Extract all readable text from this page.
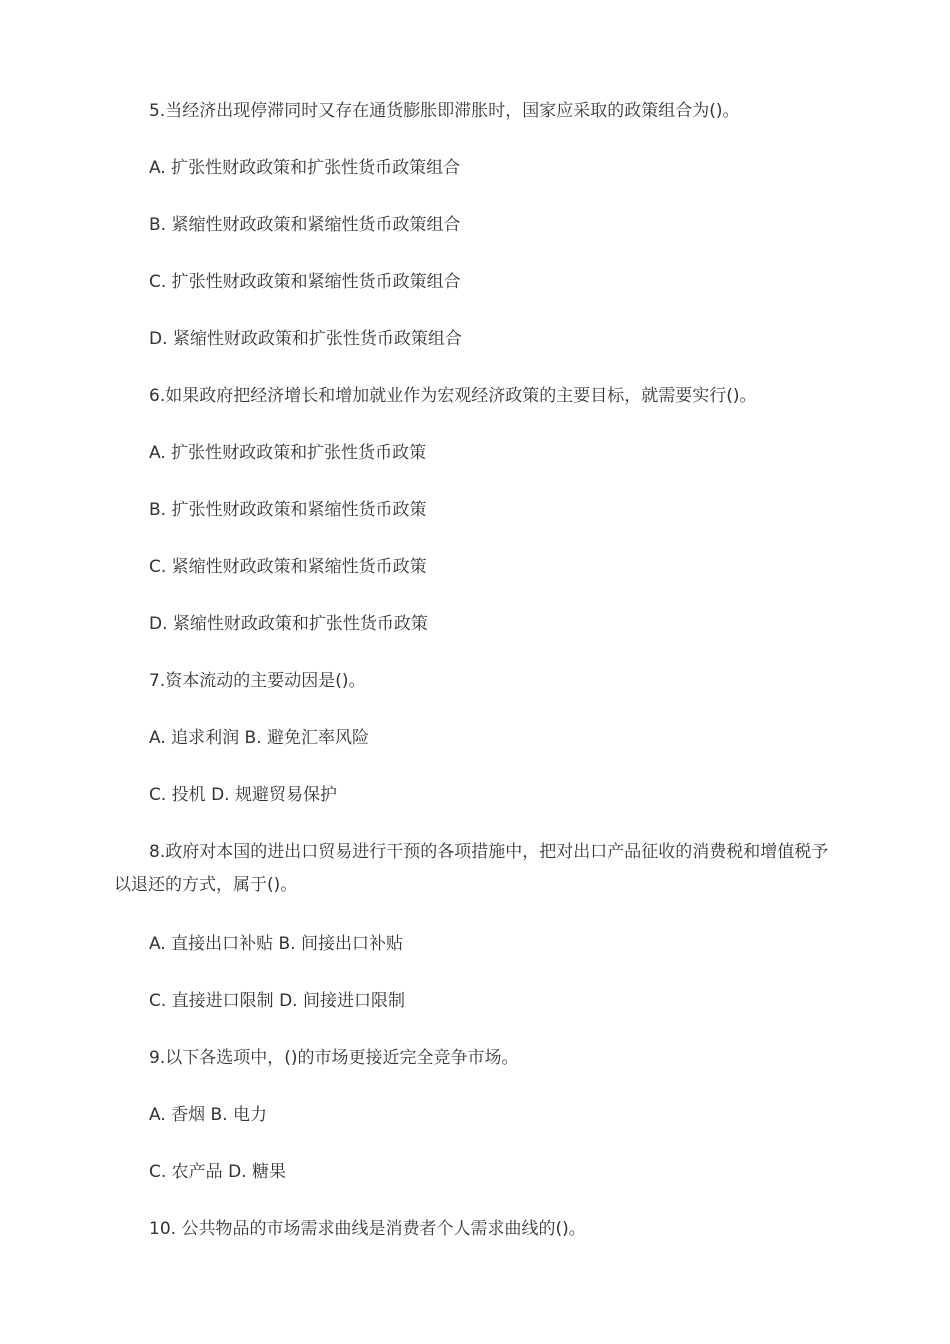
5.当经济出现停滞同时又存在通货膨胀即滞胀时，国家应采取的政策组合为()。

A. 扩张性财政政策和扩张性货币政策组合

B. 紧缩性财政政策和紧缩性货币政策组合

C. 扩张性财政政策和紧缩性货币政策组合

D. 紧缩性财政政策和扩张性货币政策组合

6.如果政府把经济增长和增加就业作为宏观经济政策的主要目标，就需要实行()。

A. 扩张性财政政策和扩张性货币政策

B. 扩张性财政政策和紧缩性货币政策

C. 紧缩性财政政策和紧缩性货币政策

D. 紧缩性财政政策和扩张性货币政策

7.资本流动的主要动因是()。

A. 追求利润 B. 避免汇率风险

C. 投机 D. 规避贸易保护

8.政府对本国的进出口贸易进行干预的各项措施中，把对出口产品征收的消费税和增值税予以退还的方式，属于()。

A. 直接出口补贴 B. 间接出口补贴

C. 直接进口限制 D. 间接进口限制

9.以下各选项中，()的市场更接近完全竞争市场。

A. 香烟 B. 电力

C. 农产品 D. 糖果

10. 公共物品的市场需求曲线是消费者个人需求曲线的()。
